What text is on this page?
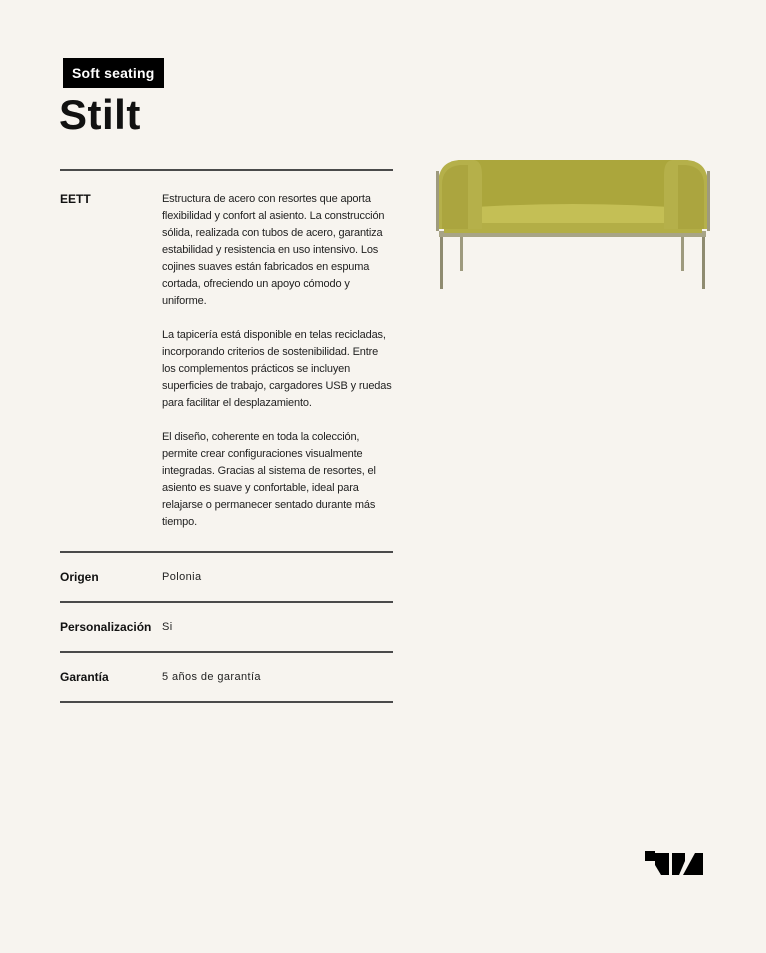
Soft seating
Stilt
EETT	Estructura de acero con resortes que aporta flexibilidad y confort al asiento. La construcción sólida, realizada con tubos de acero, garantiza estabilidad y resistencia en uso intensivo. Los cojines suaves están fabricados en espuma cortada, ofreciendo un apoyo cómodo y uniforme.

La tapicería está disponible en telas recicladas, incorporando criterios de sostenibilidad. Entre los complementos prácticos se incluyen superficies de trabajo, cargadores USB y ruedas para facilitar el desplazamiento.

El diseño, coherente en toda la colección, permite crear configuraciones visualmente integradas. Gracias al sistema de resortes, el asiento es suave y confortable, ideal para relajarse o permanecer sentado durante más tiempo.

Origen	Polonia
Personalización Si
Garantía	5 años de garantía
